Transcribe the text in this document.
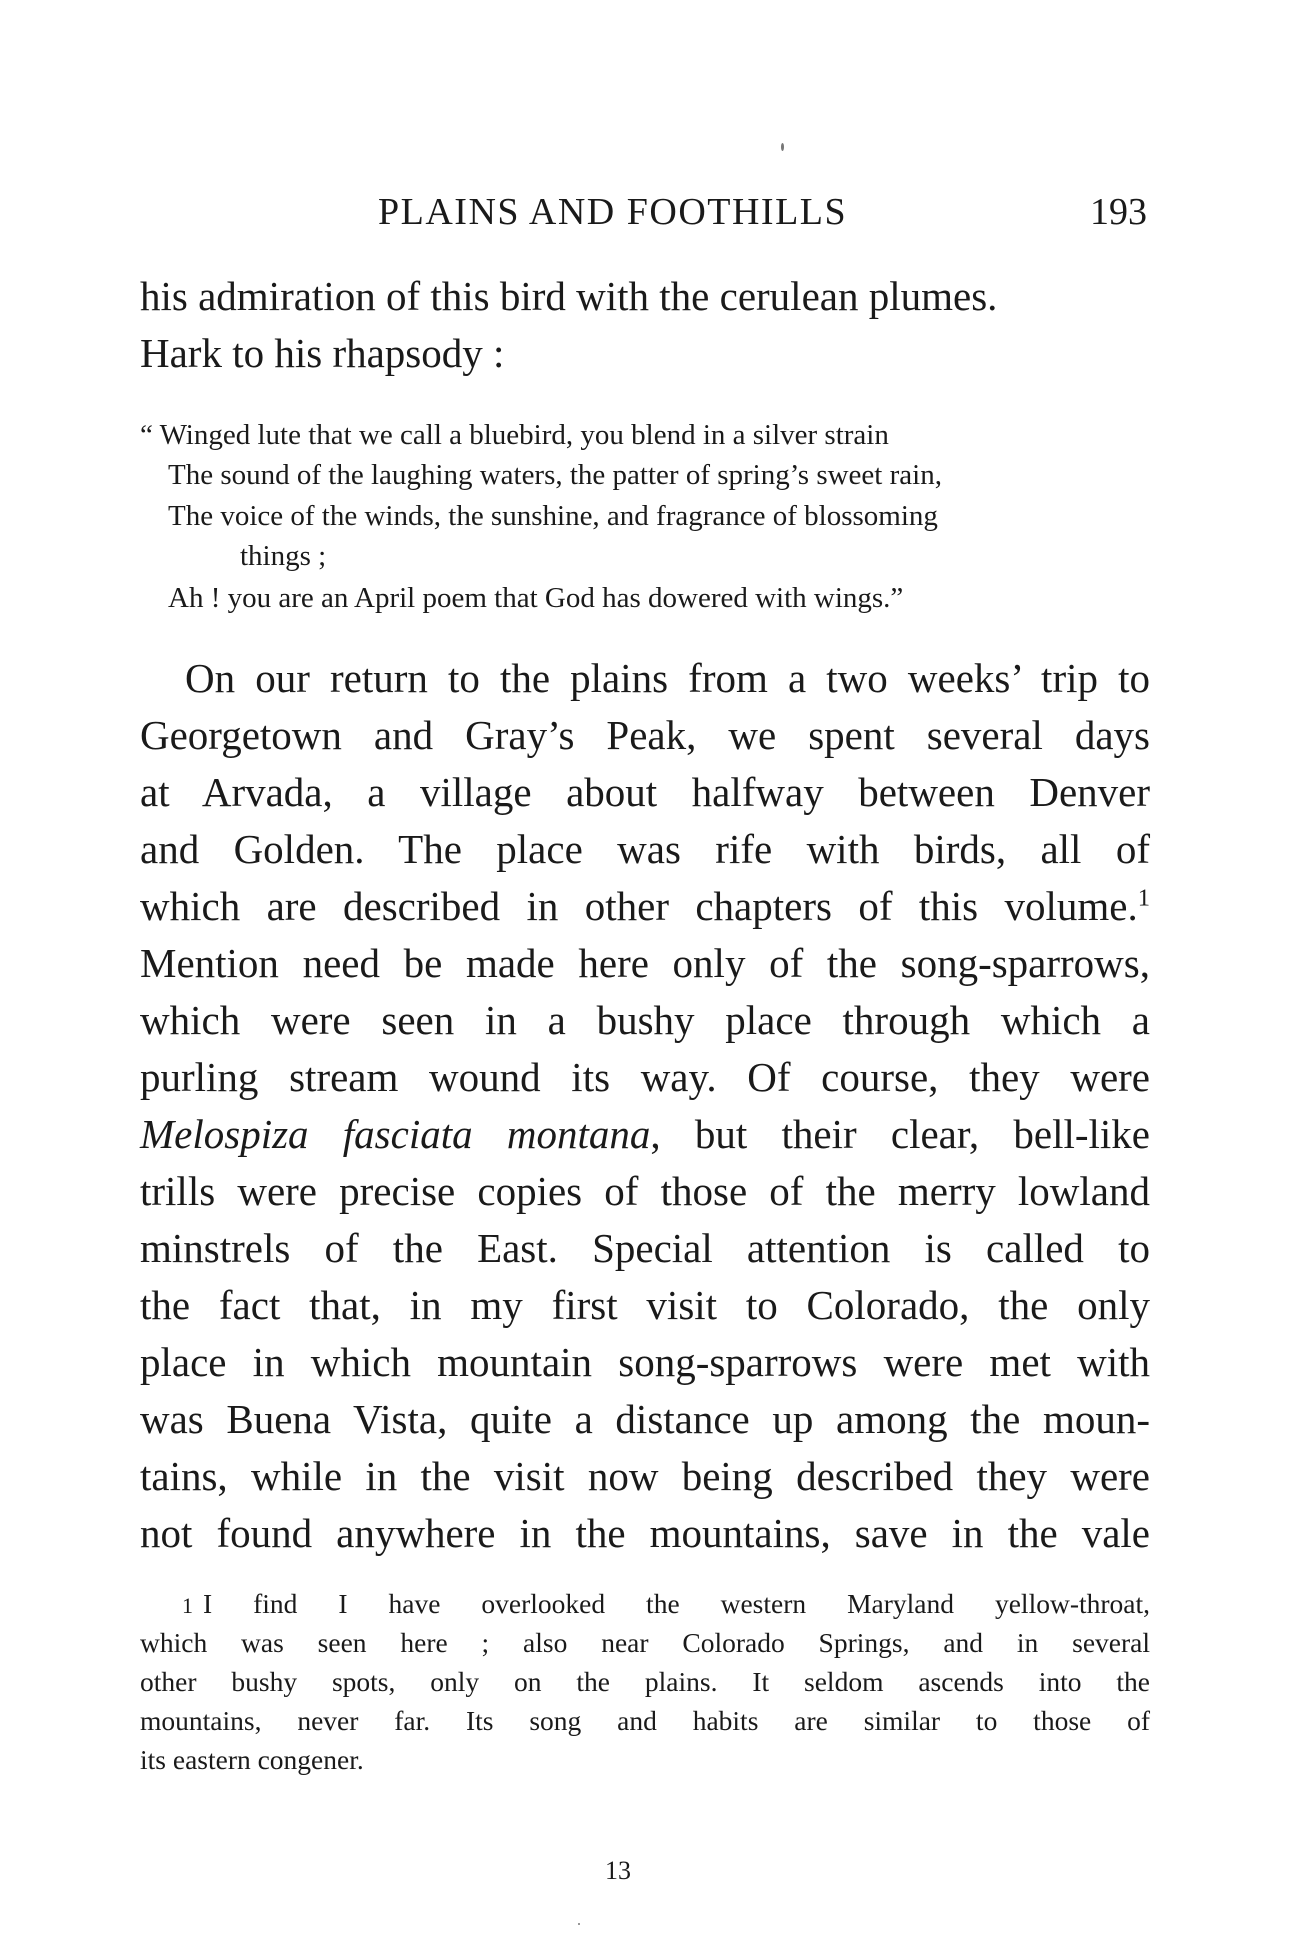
PLAINS AND FOOTHILLS	193
his admiration of this bird with the cerulean plumes.
Hark to his rhapsody :
“ Winged lute that we call a bluebird, you blend in a silver strain
The sound of the laughing waters, the patter of spring’s sweet rain,
The voice of the winds, the sunshine, and fragrance of blossoming
things ;
Ah ! you are an April poem that God has dowered with wings.”
On our return to the plains from a two weeks’ trip to
Georgetown and Gray’s Peak, we spent several days
at Arvada, a village about halfway between Denver
and Golden. The place was rife with birds, all of
which are described in other chapters of this volume.$^1$
Mention need be made here only of the song-sparrows,
which were seen in a bushy place through which a
purling stream wound its way. Of course, they were
Melospiza fasciata montana, but their clear, bell-like
trills were precise copies of those of the merry lowland
minstrels of the East. Special attention is called to
the fact that, in my first visit to Colorado, the only
place in which mountain song-sparrows were met with
was Buena Vista, quite a distance up among the moun-
tains, while in the visit now being described they were
not found anywhere in the mountains, save in the vale
1 I find I have overlooked the western Maryland yellow-throat,
which was seen here ; also near Colorado Springs, and in several
other bushy spots, only on the plains. It seldom ascends into the
mountains, never far. Its song and habits are similar to those of
its eastern congener.
13
